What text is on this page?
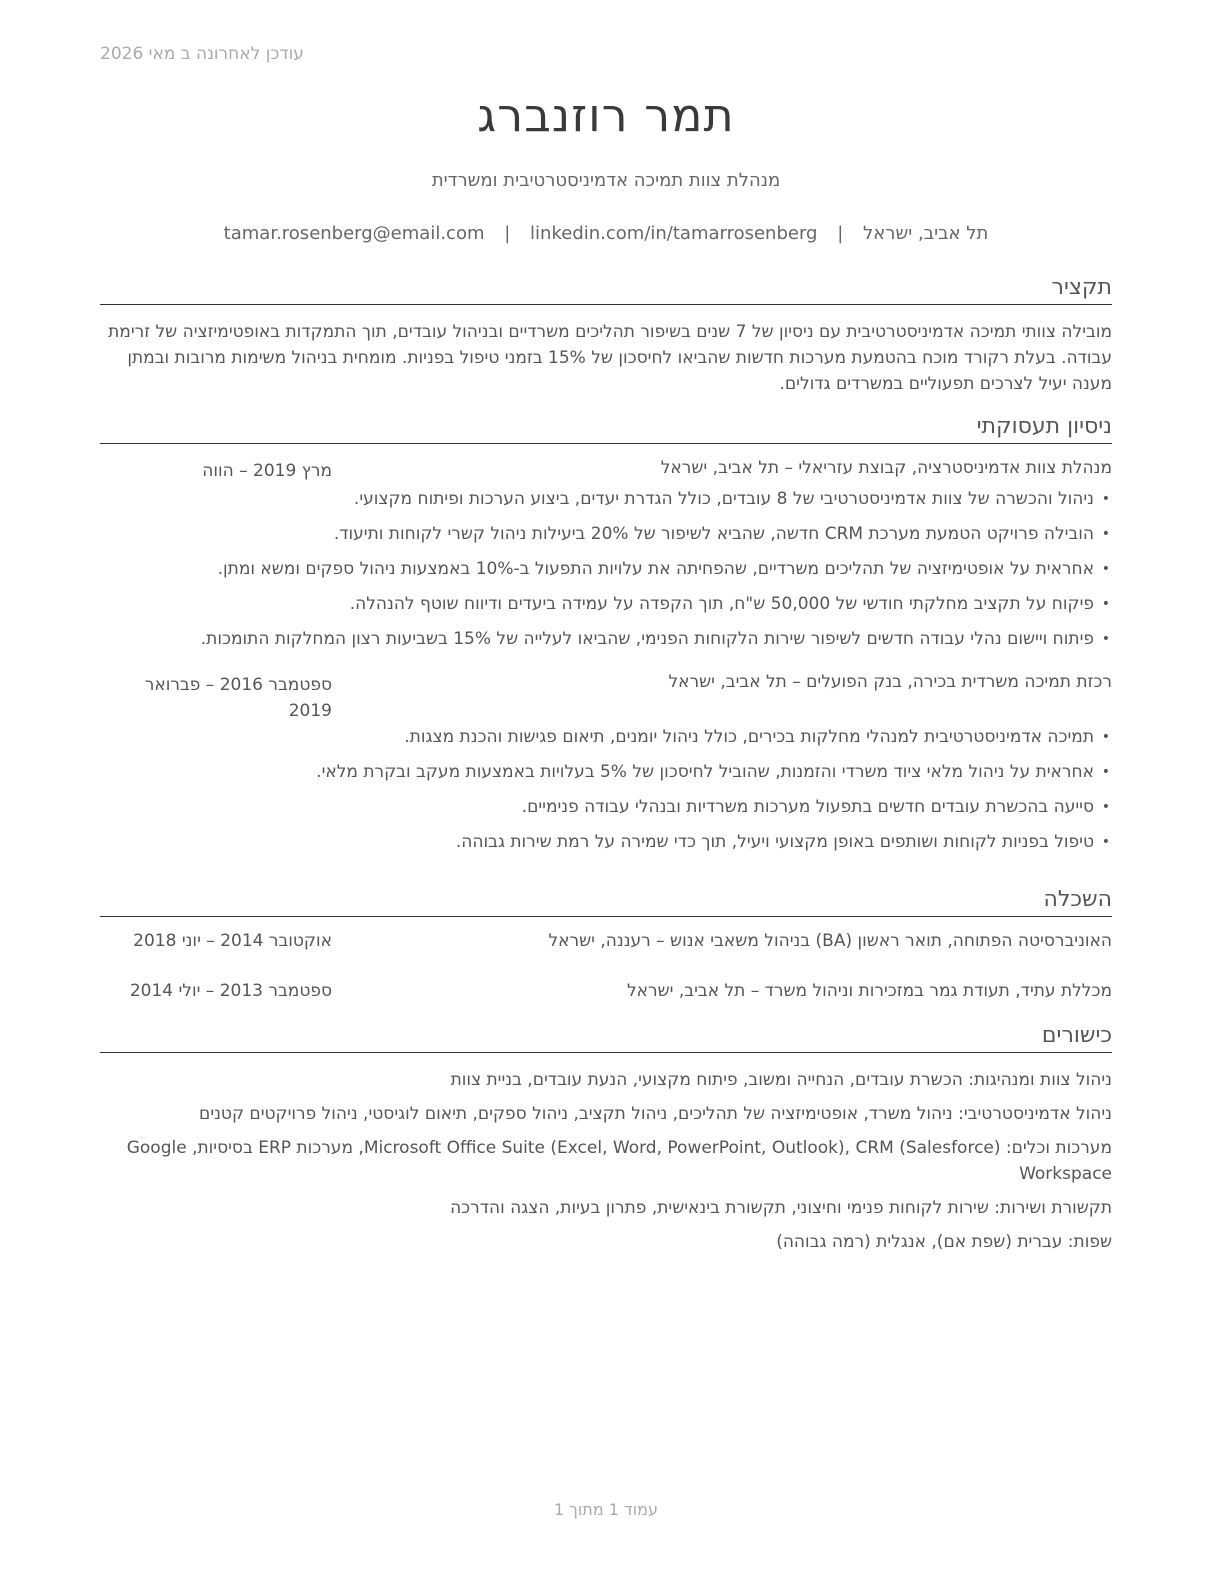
עודכן לאחרונה ב מאי 2026
תמר רוזנברג
מנהלת צוות תמיכה אדמיניסטרטיבית ומשרדית
תל אביב, ישראל | tamar.rosenberg@email.com | linkedin.com/in/tamarrosenberg
תקציר
מובילה צוותי תמיכה אדמיניסטרטיבית עם ניסיון של 7 שנים בשיפור תהליכים משרדיים ובניהול עובדים, תוך התמקדות באופטימיזציה של זרימת עבודה. בעלת רקורד מוכח בהטמעת מערכות חדשות שהביאו לחיסכון של 15% בזמני טיפול בפניות. מומחית בניהול משימות מרובות ובמתן מענה יעיל לצרכים תפעוליים במשרדים גדולים.
ניסיון תעסוקתי
מנהלת צוות אדמיניסטרציה, קבוצת עזריאלי – תל אביב, ישראל
מרץ 2019 – הווה
•
ניהול והכשרה של צוות אדמיניסטרטיבי של 8 עובדים, כולל הגדרת יעדים, ביצוע הערכות ופיתוח מקצועי.
•
הובילה פרויקט הטמעת מערכת CRM חדשה, שהביא לשיפור של 20% ביעילות ניהול קשרי לקוחות ותיעוד.
•
אחראית על אופטימיזציה של תהליכים משרדיים, שהפחיתה את עלויות התפעול ב-10% באמצעות ניהול ספקים ומשא ומתן.
•
פיקוח על תקציב מחלקתי חודשי של 50,000 ש"ח, תוך הקפדה על עמידה ביעדים ודיווח שוטף להנהלה.
•
פיתוח ויישום נהלי עבודה חדשים לשיפור שירות הלקוחות הפנימי, שהביאו לעלייה של 15% בשביעות רצון המחלקות התומכות.
רכזת תמיכה משרדית בכירה, בנק הפועלים – תל אביב, ישראל
ספטמבר 2016 – פברואר 2019
•
תמיכה אדמיניסטרטיבית למנהלי מחלקות בכירים, כולל ניהול יומנים, תיאום פגישות והכנת מצגות.
•
אחראית על ניהול מלאי ציוד משרדי והזמנות, שהוביל לחיסכון של 5% בעלויות באמצעות מעקב ובקרת מלאי.
•
סייעה בהכשרת עובדים חדשים בתפעול מערכות משרדיות ובנהלי עבודה פנימיים.
•
טיפול בפניות לקוחות ושותפים באופן מקצועי ויעיל, תוך כדי שמירה על רמת שירות גבוהה.
השכלה
האוניברסיטה הפתוחה, תואר ראשון (BA) בניהול משאבי אנוש – רעננה, ישראל
אוקטובר 2014 – יוני 2018
מכללת עתיד, תעודת גמר במזכירות וניהול משרד – תל אביב, ישראל
ספטמבר 2013 – יולי 2014
כישורים
ניהול צוות ומנהיגות: הכשרת עובדים, הנחייה ומשוב, פיתוח מקצועי, הנעת עובדים, בניית צוות
ניהול אדמיניסטרטיבי: ניהול משרד, אופטימיזציה של תהליכים, ניהול תקציב, ניהול ספקים, תיאום לוגיסטי, ניהול פרויקטים קטנים
מערכות וכלים: Microsoft Office Suite (Excel, Word, PowerPoint, Outlook), CRM (Salesforce), מערכות ERP בסיסיות, Google Workspace
תקשורת ושירות: שירות לקוחות פנימי וחיצוני, תקשורת בינאישית, פתרון בעיות, הצגה והדרכה
שפות: עברית (שפת אם), אנגלית (רמה גבוהה)
עמוד 1 מתוך 1
